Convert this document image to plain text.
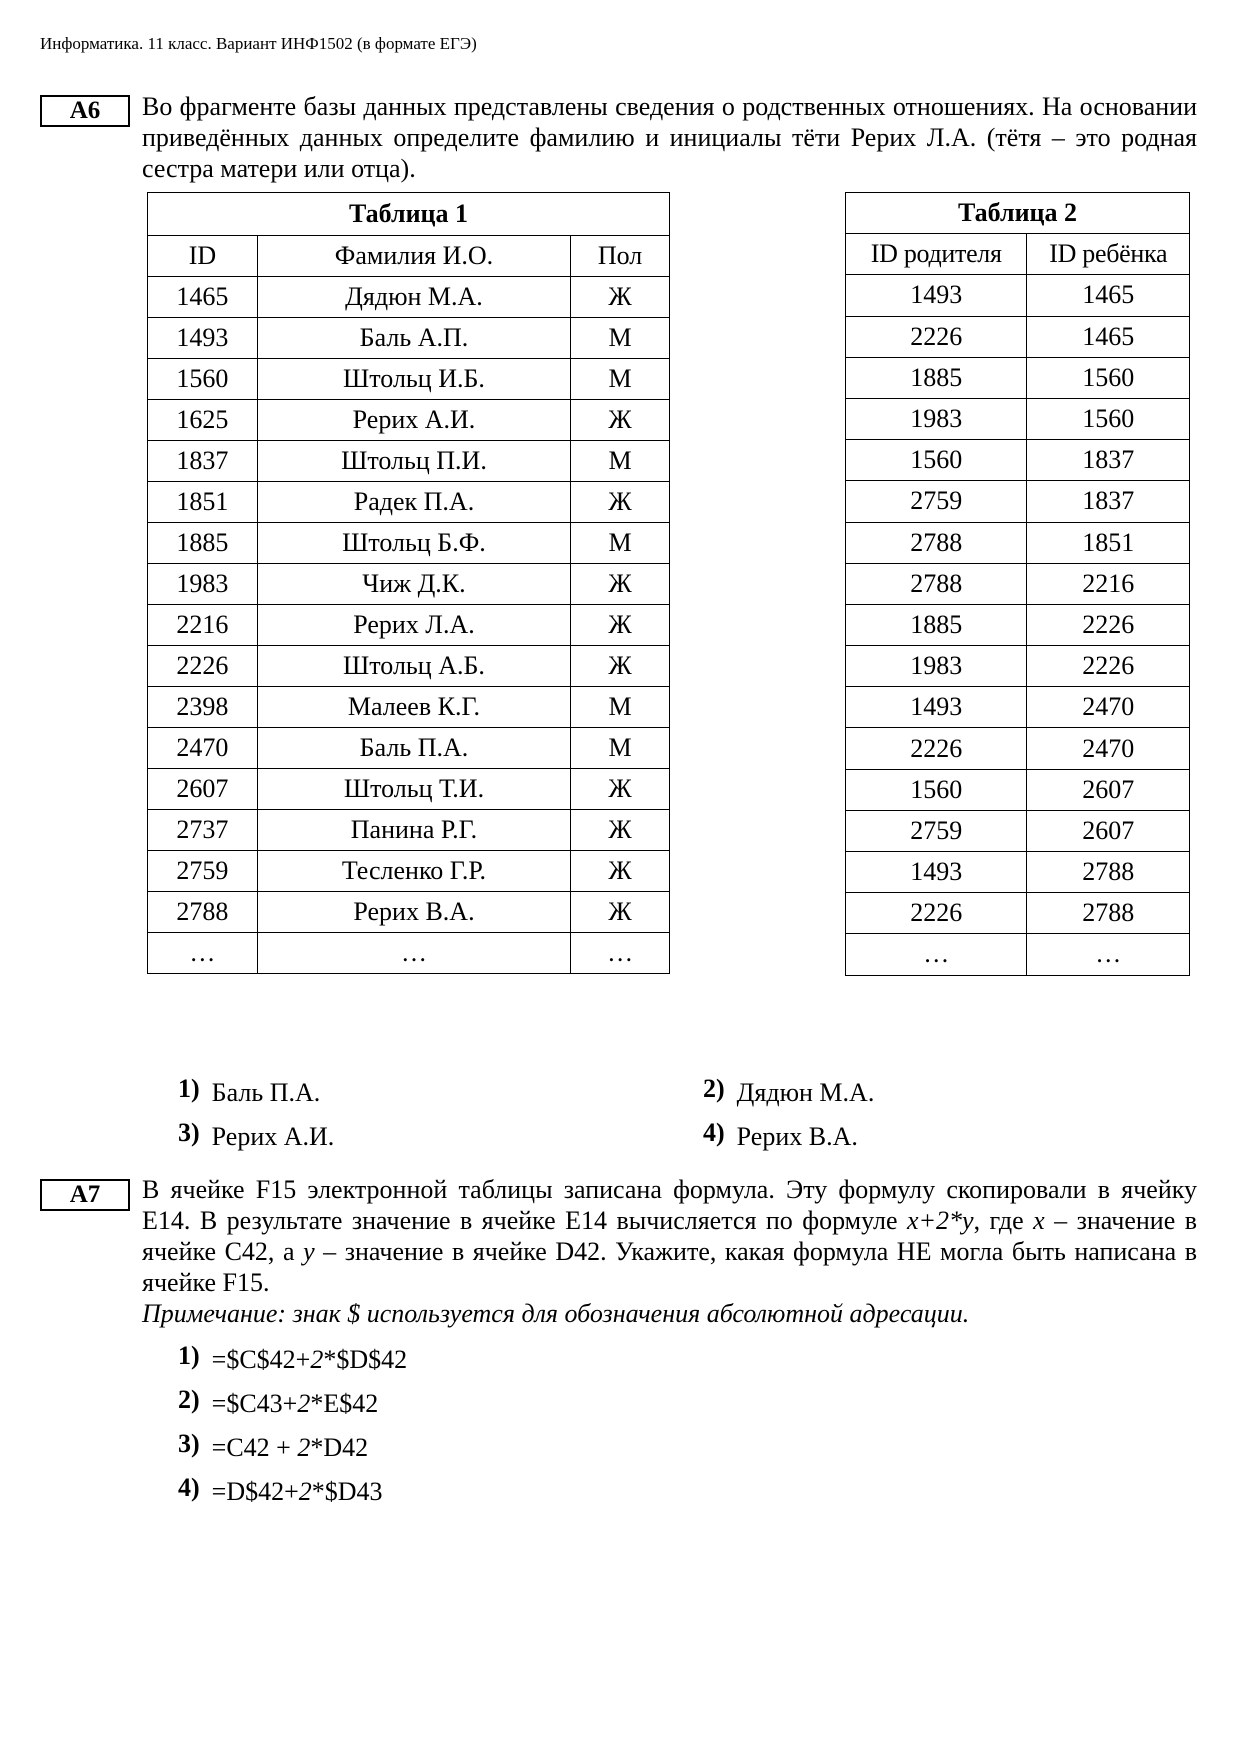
Информатика. 11 класс. Вариант ИНФ1502 (в формате ЕГЭ)
А6	Во фрагменте базы данных представлены сведения о родственных отношениях. На основании приведённых данных определите фамилию и инициалы тёти Рерих Л.А. (тётя – это родная сестра матери или отца).

Таблица 1		
ID	Фамилия И.О.	Пол
1465	Дядюн М.А.	Ж
1493	Баль А.П.	М
1560	Штольц И.Б.	М
1625	Рерих А.И.	Ж
1837	Штольц П.И.	М
1851	Радек П.А.	Ж
1885	Штольц Б.Ф.	М
1983	Чиж Д.К.	Ж
2216	Рерих Л.А.	Ж
2226	Штольц А.Б.	Ж
2398	Малеев К.Г.	М
2470	Баль П.А.	М
2607	Штольц Т.И.	Ж
2737	Панина Р.Г.	Ж
2759	Тесленко Г.Р.	Ж
2788	Рерих В.А.	Ж
…	…	…
Таблица 2	
ID родителя	ID ребёнка
1493	1465
2226	1465
1885	1560
1983	1560
1560	1837
2759	1837
2788	1851
2788	2216
1885	2226
1983	2226
1493	2470
2226	2470
1560	2607
2759	2607
1493	2788
2226	2788
…	…
1) Баль П.А.	2) Дядюн М.А.
3) Рерих А.И.	4) Рерих В.А.
А7	В ячейке F15 электронной таблицы записана формула. Эту формулу скопировали в ячейку E14. В результате значение в ячейке E14 вычисляется по формуле x+2*y, где x – значение в ячейке C42, а y – значение в ячейке D42. Укажите, какая формула НЕ могла быть написана в ячейке F15.

Примечание: знак $ используется для обозначения абсолютной адресации.

1) =$C$42+2*$D$42
2) =$C43+2*E$42
3) =C42 + 2*D42
4) =D$42+2*$D43
